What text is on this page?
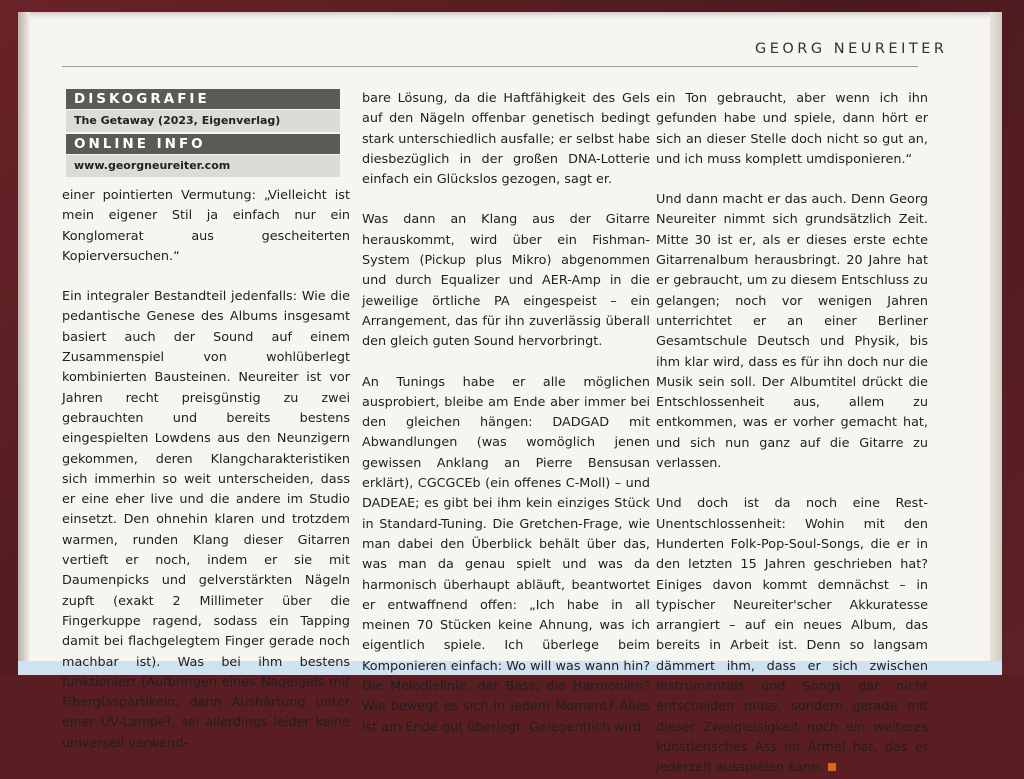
GEORG NEUREITER
DISKOGRAFIE
The Getaway (2023, Eigenverlag)
ONLINE INFO
www.georgneureiter.com

einer pointierten Vermutung: „Vielleicht ist mein eigener Stil ja einfach nur ein Konglomerat aus gescheiterten Kopierversuchen.“

Ein integraler Bestandteil jedenfalls: Wie die pedantische Genese des Albums insgesamt basiert auch der Sound auf einem Zusammenspiel von wohlüberlegt kombinierten Bausteinen. Neureiter ist vor Jahren recht preisgünstig zu zwei gebrauchten und bereits bestens eingespielten Lowdens aus den Neunzigern gekommen, deren Klangcharakteristiken sich immerhin so weit unterscheiden, dass er eine eher live und die andere im Studio einsetzt. Den ohnehin klaren und trotzdem warmen, runden Klang dieser Gitarren vertieft er noch, indem er sie mit Daumenpicks und gelverstärkten Nägeln zupft (exakt 2 Millimeter über die Fingerkuppe ragend, sodass ein Tapping damit bei flachgelegtem Finger gerade noch machbar ist). Was bei ihm bestens funktioniert (Aufbringen eines Nagelgels mit Fiberglaspartikeln, dann Aushärtung unter einer UV-Lampe), sei allerdings leider keine universell verwend-

bare Lösung, da die Haftfähigkeit des Gels auf den Nägeln offenbar genetisch bedingt stark unterschiedlich ausfalle; er selbst habe diesbezüglich in der großen DNA-Lotterie einfach ein Glückslos gezogen, sagt er.

Was dann an Klang aus der Gitarre herauskommt, wird über ein Fishman-System (Pickup plus Mikro) abgenommen und durch Equalizer und AER-Amp in die jeweilige örtliche PA eingespeist – ein Arrangement, das für ihn zuverlässig überall den gleich guten Sound hervorbringt.

An Tunings habe er alle möglichen ausprobiert, bleibe am Ende aber immer bei den gleichen hängen: DADGAD mit Abwandlungen (was womöglich jenen gewissen Anklang an Pierre Bensusan erklärt), CGCGCEb (ein offenes C-Moll) – und DADEAE; es gibt bei ihm kein einziges Stück in Standard-Tuning. Die Gretchen-Frage, wie man dabei den Überblick behält über das, was man da genau spielt und was da harmonisch überhaupt abläuft, beantwortet er entwaffnend offen: „Ich habe in all meinen 70 Stücken keine Ahnung, was ich eigentlich spiele. Ich überlege beim Komponieren einfach: Wo will was wann hin? Die Melodielinie, der Bass, die Harmonien? Wie bewegt es sich in jedem Moment? Alles ist am Ende gut überlegt. Gelegentlich wird

ein Ton gebraucht, aber wenn ich ihn gefunden habe und spiele, dann hört er sich an dieser Stelle doch nicht so gut an, und ich muss komplett umdisponieren.“

Und dann macht er das auch. Denn Georg Neureiter nimmt sich grundsätzlich Zeit. Mitte 30 ist er, als er dieses erste echte Gitarrenalbum herausbringt. 20 Jahre hat er gebraucht, um zu diesem Entschluss zu gelangen; noch vor wenigen Jahren unterrichtet er an einer Berliner Gesamtschule Deutsch und Physik, bis ihm klar wird, dass es für ihn doch nur die Musik sein soll. Der Albumtitel drückt die Entschlossenheit aus, allem zu entkommen, was er vorher gemacht hat, und sich nun ganz auf die Gitarre zu verlassen.

Und doch ist da noch eine Rest-Unentschlossenheit: Wohin mit den Hunderten Folk-Pop-Soul-Songs, die er in den letzten 15 Jahren geschrieben hat? Einiges davon kommt demnächst – in typischer Neureiter'scher Akkuratesse arrangiert – auf ein neues Album, das bereits in Arbeit ist. Denn so langsam dämmert ihm, dass er sich zwischen Instrumentals und Songs gar nicht entscheiden muss, sondern gerade mit dieser Zweigleisigkeit noch ein weiteres künstlerisches Ass im Ärmel hat, das er jederzeit ausspielen kann.
